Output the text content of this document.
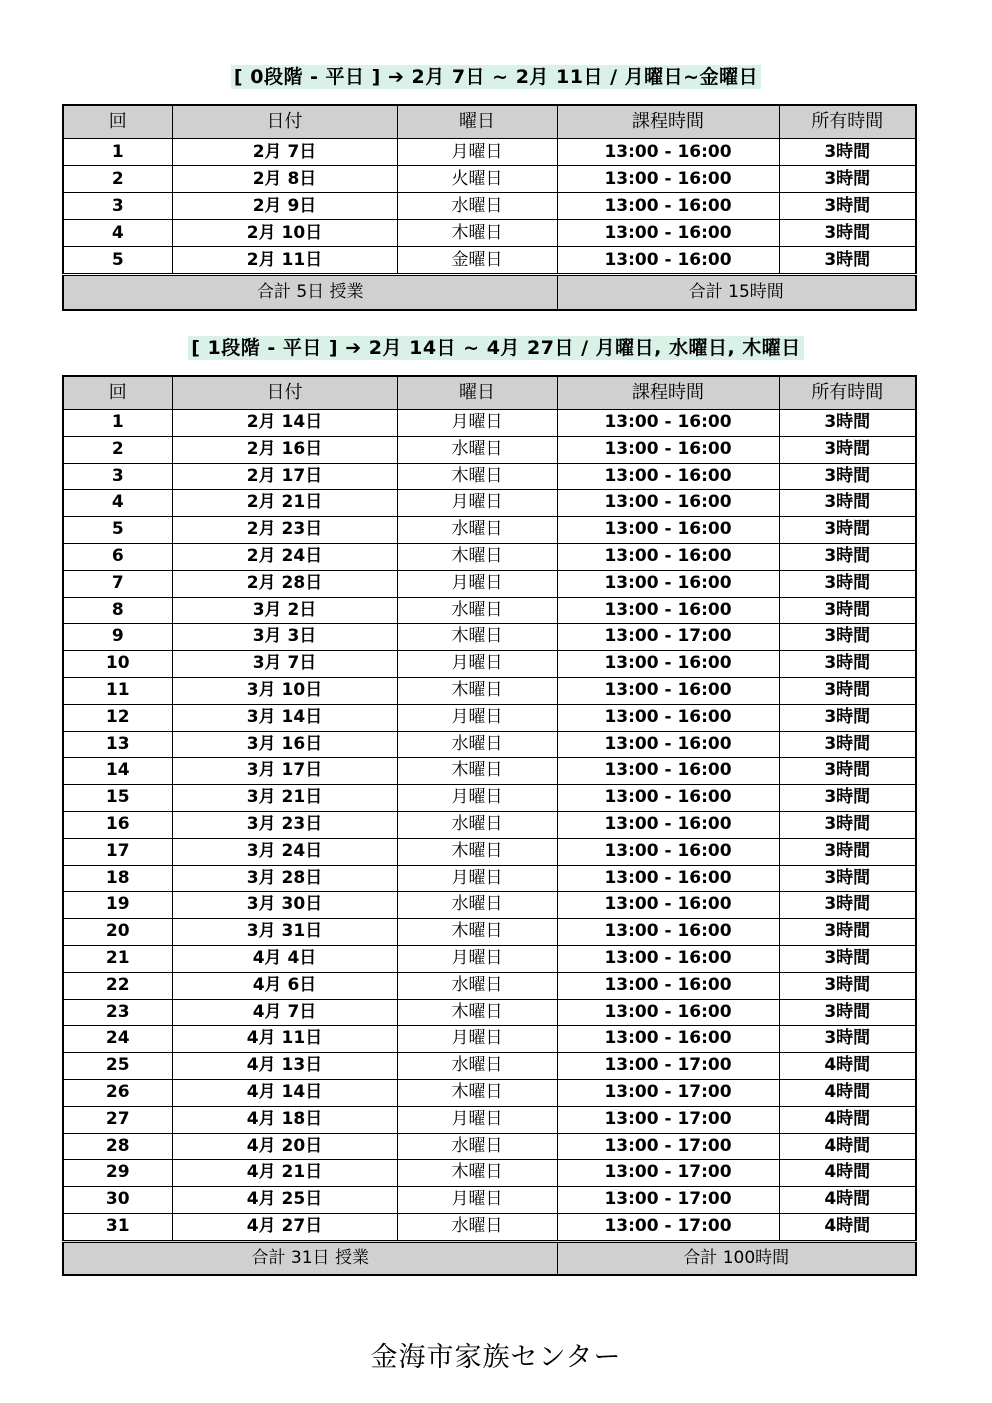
[ 0段階 - 平日 ] ➔ 2月 7日 ~ 2月 11日 / 月曜日~金曜日
回	日付	曜日	課程時間	所有時間
1	2月 7日	月曜日	13:00 - 16:00	3時間
2	2月 8日	火曜日	13:00 - 16:00	3時間
3	2月 9日	水曜日	13:00 - 16:00	3時間
4	2月 10日	木曜日	13:00 - 16:00	3時間
5	2月 11日	金曜日	13:00 - 16:00	3時間
合計 5日 授業			合計 15時間	
[ 1段階 - 平日 ] ➔ 2月 14日 ~ 4月 27日 / 月曜日, 水曜日, 木曜日
回	日付	曜日	課程時間	所有時間
1	2月 14日	月曜日	13:00 - 16:00	3時間
2	2月 16日	水曜日	13:00 - 16:00	3時間
3	2月 17日	木曜日	13:00 - 16:00	3時間
4	2月 21日	月曜日	13:00 - 16:00	3時間
5	2月 23日	水曜日	13:00 - 16:00	3時間
6	2月 24日	木曜日	13:00 - 16:00	3時間
7	2月 28日	月曜日	13:00 - 16:00	3時間
8	3月 2日	水曜日	13:00 - 16:00	3時間
9	3月 3日	木曜日	13:00 - 17:00	3時間
10	3月 7日	月曜日	13:00 - 16:00	3時間
11	3月 10日	木曜日	13:00 - 16:00	3時間
12	3月 14日	月曜日	13:00 - 16:00	3時間
13	3月 16日	水曜日	13:00 - 16:00	3時間
14	3月 17日	木曜日	13:00 - 16:00	3時間
15	3月 21日	月曜日	13:00 - 16:00	3時間
16	3月 23日	水曜日	13:00 - 16:00	3時間
17	3月 24日	木曜日	13:00 - 16:00	3時間
18	3月 28日	月曜日	13:00 - 16:00	3時間
19	3月 30日	水曜日	13:00 - 16:00	3時間
20	3月 31日	木曜日	13:00 - 16:00	3時間
21	4月 4日	月曜日	13:00 - 16:00	3時間
22	4月 6日	水曜日	13:00 - 16:00	3時間
23	4月 7日	木曜日	13:00 - 16:00	3時間
24	4月 11日	月曜日	13:00 - 16:00	3時間
25	4月 13日	水曜日	13:00 - 17:00	4時間
26	4月 14日	木曜日	13:00 - 17:00	4時間
27	4月 18日	月曜日	13:00 - 17:00	4時間
28	4月 20日	水曜日	13:00 - 17:00	4時間
29	4月 21日	木曜日	13:00 - 17:00	4時間
30	4月 25日	月曜日	13:00 - 17:00	4時間
31	4月 27日	水曜日	13:00 - 17:00	4時間
合計 31日 授業			合計 100時間	
金海市家族センター
